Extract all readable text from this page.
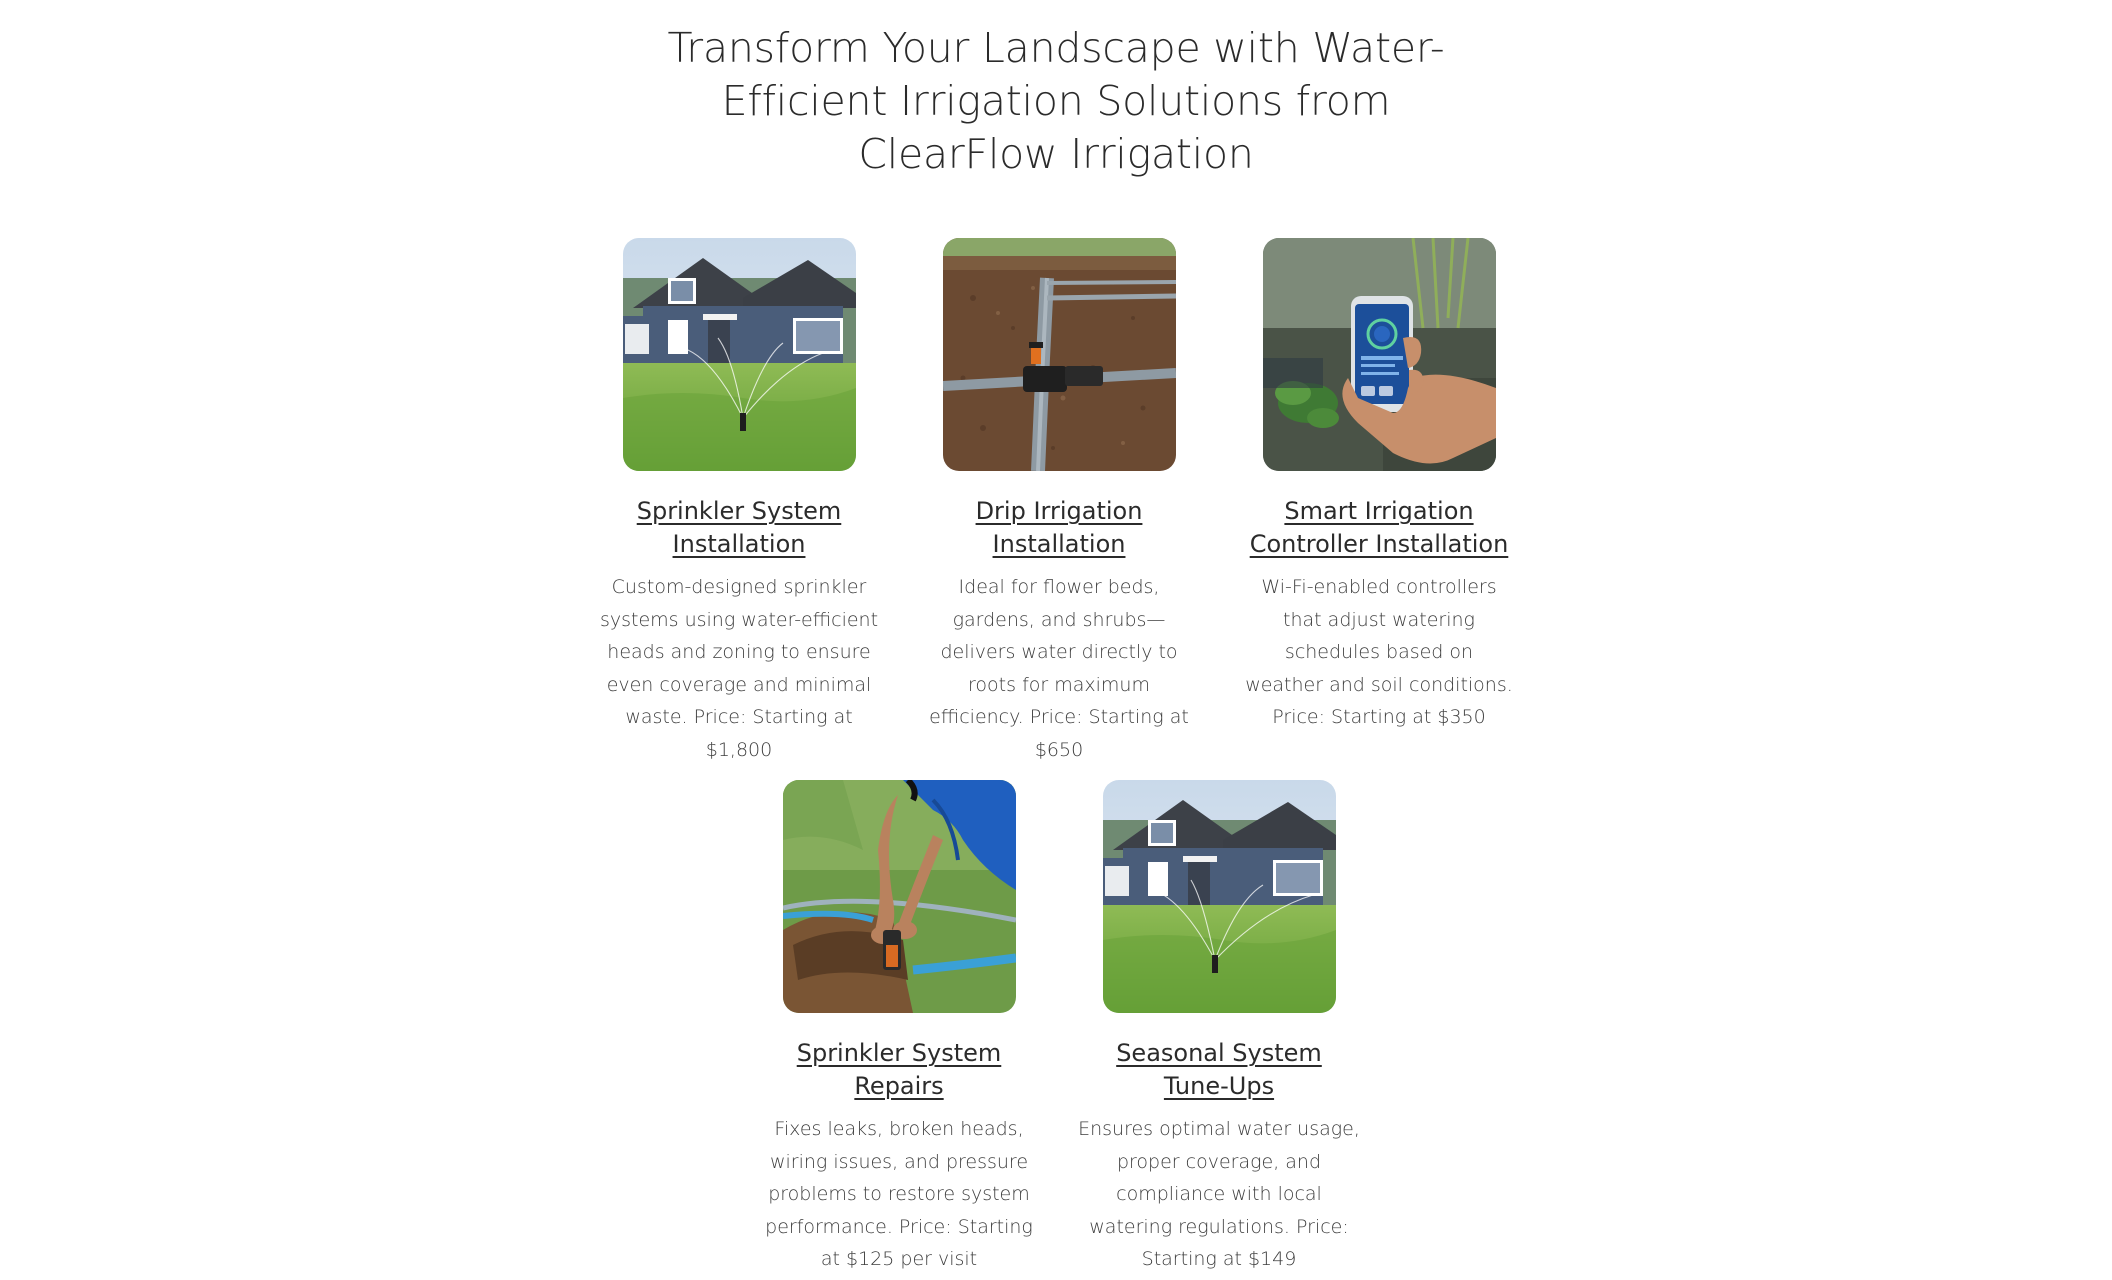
Transform Your Landscape with Water-Efficient Irrigation Solutions from ClearFlow Irrigation
Sprinkler System Installation

Custom-designed sprinkler systems using water-efficient heads and zoning to ensure even coverage and minimal waste. Price: Starting at $1,800

Drip Irrigation Installation

Ideal for flower beds, gardens, and shrubs—delivers water directly to roots for maximum efficiency. Price: Starting at $650

Smart Irrigation Controller Installation

Wi-Fi-enabled controllers that adjust watering schedules based on weather and soil conditions. Price: Starting at $350

Sprinkler System Repairs

Fixes leaks, broken heads, wiring issues, and pressure problems to restore system performance. Price: Starting at $125 per visit

Seasonal System Tune-Ups

Ensures optimal water usage, proper coverage, and compliance with local watering regulations. Price: Starting at $149
